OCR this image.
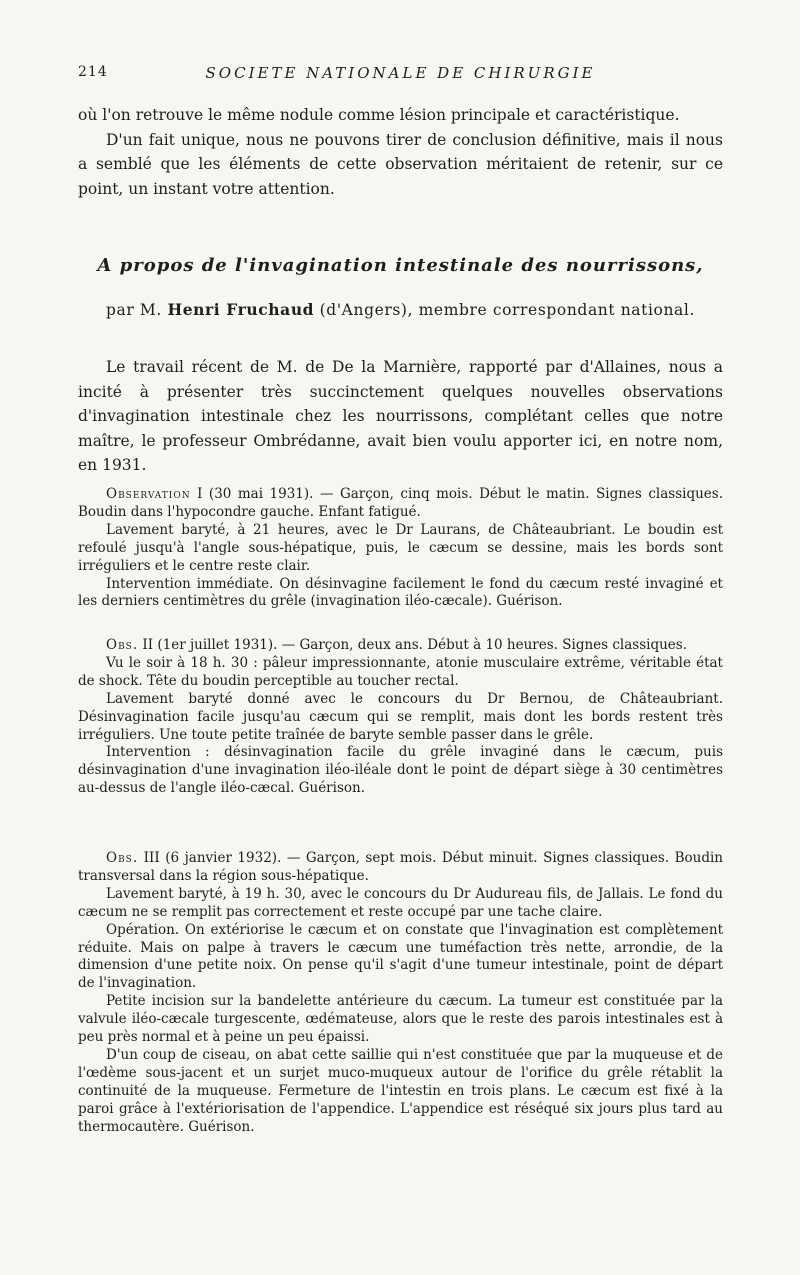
214	SOCIETE NATIONALE DE CHIRURGIE

où l'on retrouve le même nodule comme lésion principale et caractéristique.

D'un fait unique, nous ne pouvons tirer de conclusion définitive, mais il nous a semblé que les éléments de cette observation méritaient de retenir, sur ce point, un instant votre attention.

A propos de l'invagination intestinale des nourrissons,
par M. Henri Fruchaud (d'Angers), membre correspondant national.

Le travail récent de M. de De la Marnière, rapporté par d'Allaines, nous a incité à présenter très succinctement quelques nouvelles observations d'invagination intestinale chez les nourrissons, complétant celles que notre maître, le professeur Ombrédanne, avait bien voulu apporter ici, en notre nom, en 1931.

Observation I (30 mai 1931). — Garçon, cinq mois. Début le matin. Signes classiques. Boudin dans l'hypocondre gauche. Enfant fatigué.

Lavement baryté, à 21 heures, avec le Dr Laurans, de Châteaubriant. Le boudin est refoulé jusqu'à l'angle sous-hépatique, puis, le cæcum se dessine, mais les bords sont irréguliers et le centre reste clair.

Intervention immédiate. On désinvagine facilement le fond du cæcum resté invaginé et les derniers centimètres du grêle (invagination iléo-cæcale). Guérison.

Obs. II (1er juillet 1931). — Garçon, deux ans. Début à 10 heures. Signes classiques.

Vu le soir à 18 h. 30 : pâleur impressionnante, atonie musculaire extrême, véritable état de shock. Tête du boudin perceptible au toucher rectal.

Lavement baryté donné avec le concours du Dr Bernou, de Châteaubriant. Désinvagination facile jusqu'au cæcum qui se remplit, mais dont les bords restent très irréguliers. Une toute petite traînée de baryte semble passer dans le grêle.

Intervention : désinvagination facile du grêle invaginé dans le cæcum, puis désinvagination d'une invagination iléo-iléale dont le point de départ siège à 30 centimètres au-dessus de l'angle iléo-cæcal. Guérison.

Obs. III (6 janvier 1932). — Garçon, sept mois. Début minuit. Signes classiques. Boudin transversal dans la région sous-hépatique.

Lavement baryté, à 19 h. 30, avec le concours du Dr Audureau fils, de Jallais. Le fond du cæcum ne se remplit pas correctement et reste occupé par une tache claire.

Opération. On extériorise le cæcum et on constate que l'invagination est complètement réduite. Mais on palpe à travers le cæcum une tuméfaction très nette, arrondie, de la dimension d'une petite noix. On pense qu'il s'agit d'une tumeur intestinale, point de départ de l'invagination.

Petite incision sur la bandelette antérieure du cæcum. La tumeur est constituée par la valvule iléo-cæcale turgescente, œdémateuse, alors que le reste des parois intestinales est à peu près normal et à peine un peu épaissi.

D'un coup de ciseau, on abat cette saillie qui n'est constituée que par la muqueuse et de l'œdème sous-jacent et un surjet muco-muqueux autour de l'orifice du grêle rétablit la continuité de la muqueuse. Fermeture de l'intestin en trois plans. Le cæcum est fixé à la paroi grâce à l'extériorisation de l'appendice. L'appendice est réséqué six jours plus tard au thermocautère. Guérison.
